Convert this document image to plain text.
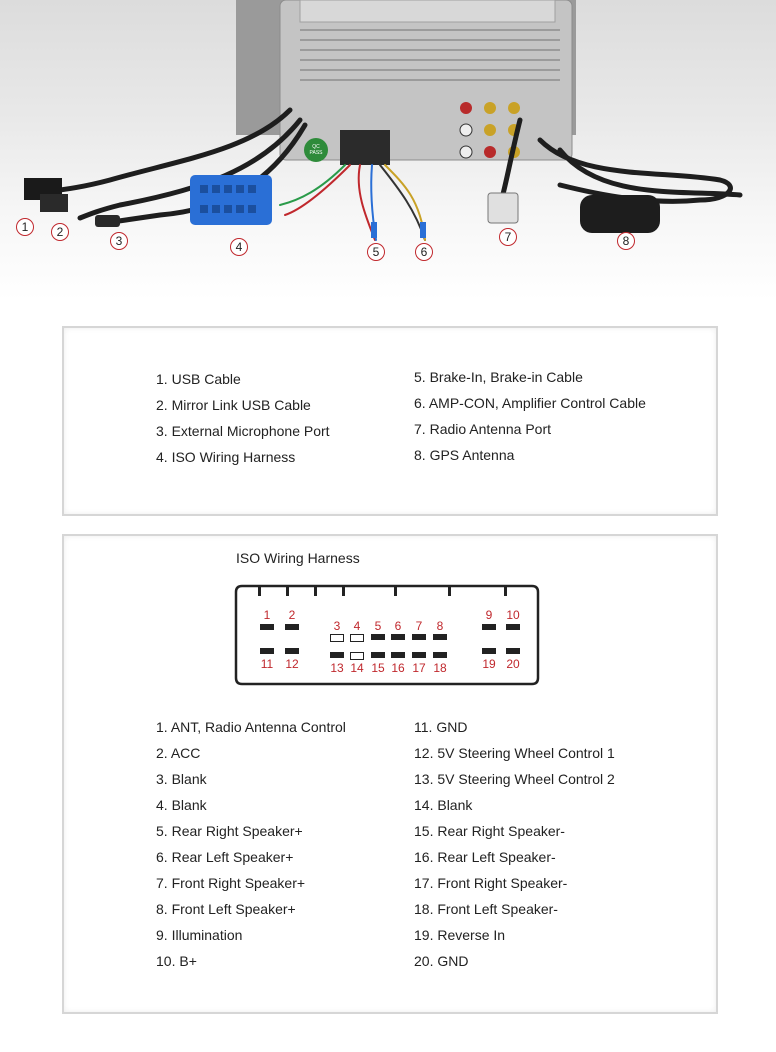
1	2
3	4	5	6
7	8
QC PASS
1. USB Cable
2. Mirror Link USB Cable
3. External Microphone Port
4. ISO Wiring Harness
5. Brake-In, Brake-in Cable
6. AMP-CON, Amplifier Control Cable
7. Radio Antenna Port
8. GPS Antenna
ISO Wiring Harness
1	2
3	4	5	6	7	8
9	10
11	12	13 14 15 16 17 18	19 20
1. ANT, Radio Antenna Control
2. ACC
3. Blank
4. Blank
5. Rear Right Speaker+
6. Rear Left Speaker+
7. Front Right Speaker+
8. Front Left Speaker+
9. Illumination
10. B+
11. GND
12. 5V Steering Wheel Control 1
13. 5V Steering Wheel Control 2
14. Blank
15. Rear Right Speaker-
16. Rear Left Speaker-
17. Front Right Speaker-
18. Front Left Speaker-
19. Reverse In
20. GND
